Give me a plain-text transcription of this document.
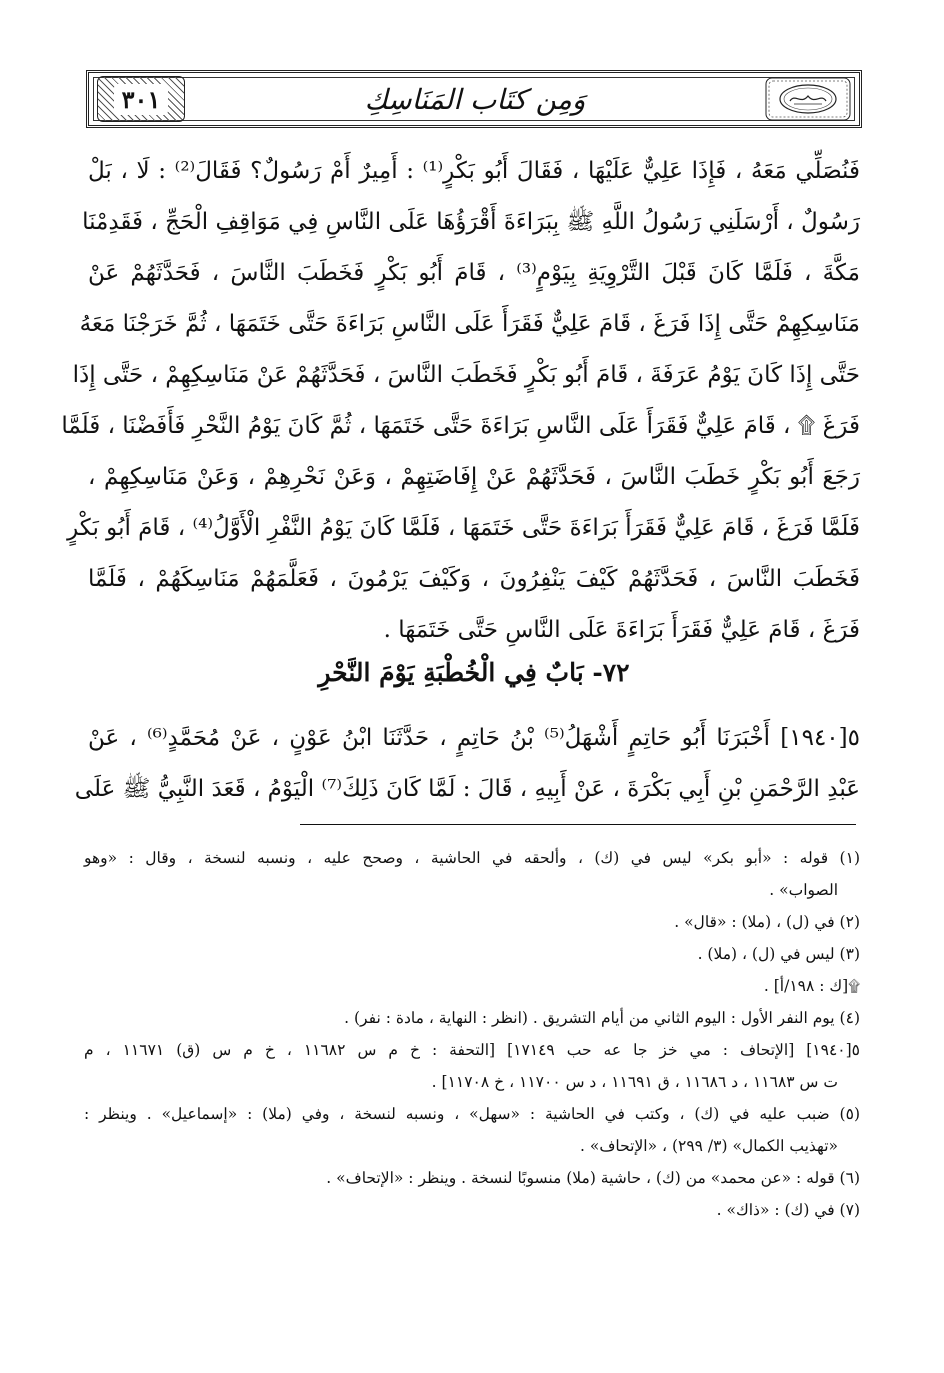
٣٠١	وَمِن كتَاب المَنَاسِكِ
فَنُصَلِّي مَعَهُ ، فَإِذَا عَلِيٌّ عَلَيْهَا ، فَقَالَ أَبُو بَكْرٍ⁽¹⁾ : أَمِيرٌ أَمْ رَسُولٌ؟ فَقَالَ⁽²⁾ : لَا ، بَلْ
رَسُولٌ ، أَرْسَلَنِي رَسُولُ اللَّهِ ﷺ بِبَرَاءَةَ أَقْرَؤُهَا عَلَى النَّاسِ فِي مَوَاقِفِ الْحَجِّ ، فَقَدِمْنَا
مَكَّةَ ، فَلَمَّا كَانَ قَبْلَ التَّرْوِيَةِ بِيَوْمٍ⁽³⁾ ، قَامَ أَبُو بَكْرٍ فَخَطَبَ النَّاسَ ، فَحَدَّثَهُمْ عَنْ
مَنَاسِكِهِمْ حَتَّى إِذَا فَرَغَ ، قَامَ عَلِيٌّ فَقَرَأَ عَلَى النَّاسِ بَرَاءَةَ حَتَّى خَتَمَهَا ، ثُمَّ خَرَجْنَا مَعَهُ
حَتَّى إِذَا كَانَ يَوْمُ عَرَفَةَ ، قَامَ أَبُو بَكْرٍ فَخَطَبَ النَّاسَ ، فَحَدَّثَهُمْ عَنْ مَنَاسِكِهِمْ ، حَتَّى إِذَا
فَرَغَ ۩ ، قَامَ عَلِيٌّ فَقَرَأَ عَلَى النَّاسِ بَرَاءَةَ حَتَّى خَتَمَهَا ، ثُمَّ كَانَ يَوْمُ النَّحْرِ فَأَفَضْنَا ، فَلَمَّا
رَجَعَ أَبُو بَكْرٍ خَطَبَ النَّاسَ ، فَحَدَّثَهُمْ عَنْ إِفَاضَتِهِمْ ، وَعَنْ نَحْرِهِمْ ، وَعَنْ مَنَاسِكِهِمْ ،
فَلَمَّا فَرَغَ ، قَامَ عَلِيٌّ فَقَرَأَ بَرَاءَةَ حَتَّى خَتَمَهَا ، فَلَمَّا كَانَ يَوْمُ النَّفْرِ الْأَوَّلُ⁽⁴⁾ ، قَامَ أَبُو بَكْرٍ
فَخَطَبَ النَّاسَ ، فَحَدَّثَهُمْ كَيْفَ يَنْفِرُونَ ، وَكَيْفَ يَرْمُونَ ، فَعَلَّمَهُمْ مَنَاسِكَهُمْ ، فَلَمَّا
فَرَغَ ، قَامَ عَلِيٌّ فَقَرَأَ بَرَاءَةَ عَلَى النَّاسِ حَتَّى خَتَمَهَا .
٧٢- بَابٌ فِي الْخُطْبَةِ يَوْمَ النَّحْرِ
٥[١٩٤٠] أَخْبَرَنَا أَبُو حَاتِمٍ أَشْهَلُ⁽⁵⁾ بْنُ حَاتِمٍ ، حَدَّثَنَا ابْنُ عَوْنٍ ، عَنْ مُحَمَّدٍ⁽⁶⁾ ، عَنْ
عَبْدِ الرَّحْمَنِ بْنِ أَبِي بَكْرَةَ ، عَنْ أَبِيهِ ، قَالَ : لَمَّا كَانَ ذَلِكَ⁽⁷⁾ الْيَوْمُ ، قَعَدَ النَّبِيُّ ﷺ عَلَى
(١) قوله : «أبو بكر» ليس في (ك) ، وألحقه في الحاشية ، وصحح عليه ، ونسبه لنسخة ، وقال : «وهو
الصواب» .
(٢) في (ل) ، (ملا) : «قال» .
(٣) ليس في (ل) ، (ملا) .
۩[ك : ١٩٨/أ] .
(٤) يوم النفر الأول : اليوم الثاني من أيام التشريق . (انظر : النهاية ، مادة : نفر) .
٥[١٩٤٠] [الإتحاف : مي خز جا عه حب ١٧١٤٩] [التحفة : خ م س ١١٦٨٢ ، خ م س (ق) ١١٦٧١ ، م
ت س ١١٦٨٣ ، د ١١٦٨٦ ، ق ١١٦٩١ ، د س ١١٧٠٠ ، خ ١١٧٠٨] .
(٥) ضبب عليه في (ك) ، وكتب في الحاشية : «سهل» ، ونسبه لنسخة ، وفي (ملا) : «إسماعيل» . وينظر :
«تهذيب الكمال» (٣/ ٢٩٩) ، «الإتحاف» .
(٦) قوله : «عن محمد» من (ك) ، حاشية (ملا) منسوبًا لنسخة . وينظر : «الإتحاف» .
(٧) في (ك) : «ذاك» .
